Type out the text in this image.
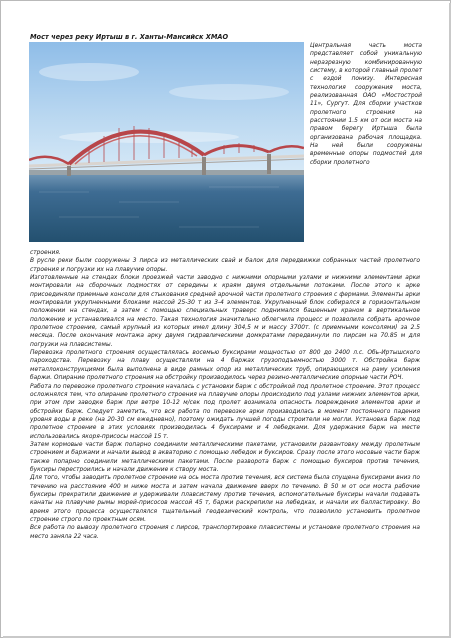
Мост через реку Иртыш в г. Ханты-Мансийск ХМАО
Центральная часть моста представляет собой уникальную неразрезную комбинированную систему, в которой главный пролет с ездой понизу. Интересная технология сооружения моста, реализованная ОАО «Мостострой 11», Сургут. Для сборки участков пролетного строения на расстоянии 1.5 км от оси моста на правом берегу Иртыша была организована рабочая площадка. На ней были сооружены временные опоры подмостей для сборки пролетного

строения.

В русле реки были сооружены 3 пирса из металлических свай и балок для передвижки собранных частей пролетного строения и погрузки их на плавучие опоры.

Изготовленные на стендах блоки проезжей части заводно с нижними опорными узлами и нижними элементами арки монтировали на сборочных подмостях от середины к краям двумя отдельными потоками. После этого к арке присоединяли приемные консоли для стыкования средней арочной части пролетного строения с фермами. Элементы арки монтировали укрупненными блоками массой 25-30 т из 3-4 элементов. Укрупненный блок собирался в горизонтальном положении на стендах, а затем с помощью специальных траверс поднимался башенным краном в вертикальное положение и устанавливался на место. Такая технология значительно облегчила процесс и позволила собрать арочное пролетное строение, самый крупный из которых имел длину 304,5 м и массу 3700т. (с приемными консолями) за 2.5 месяца. После окончания монтажа арку двумя гидравлическими домкратами передвинули по пирсам на 70.85 м для погрузки на плавсистемы.

Перевозка пролетного строения осуществлялась восемью буксирами мощностью от 800 до 2400 л.с. Обь-Иртышского пароходства. Перевозку на плаву осуществляли на 4 баржах грузоподъемностью 3000 т. Обстройка барж металлоконструкциями была выполнена в виде рамных опор из металлических труб, опирающихся на раму усиления баржи. Опирание пролетного строения на обстройку производилось через резино-металлические опорные части РОЧ.

Работа по перевозке пролетного строения началась с установки барж с обстройкой под пролетное строение. Этот процесс осложнялся тем, что опирание пролетного строения на плавучие опоры происходило под узлами нижних элементов арки, при этом при заводке барж при ветре 10-12 м/сек под пролет возникала опасность повреждения элементов арки и обстройки барж. Следует заметить, что вся работа по перевозке арки производилась в момент постоянного падения уровня воды в реке (на 20-30 см ежедневно), поэтому ожидать лучшей погоды строители не могли. Установка барж под пролетное строение в этих условиях производилась 4 буксирами и 4 лебедками. Для удержания барж на месте использовались якоря-присосы массой 15 т.

Затем кормовые части барж попарно соединили металлическими пакетами, установили развантовку между пролетным строением и баржами и начали вывод в акваторию с помощью лебедок и буксиров. Сразу после этого носовые части барж также попарно соединили металлическими пакетами. После разворота барж с помощью буксиров против течения, буксиры перестроились и начали движение к створу моста.

Для того, чтобы заводить пролетное строение на ось моста против течения, вся система была спущена буксирами вниз по течению на расстояние 400 м ниже моста и затем начала движение вверх по течению. В 50 м от оси моста рабочие буксиры прекратили движение и удерживали плавсистему против течения, вспомогательные буксиры начали подавать канаты на плавучие рымы морей-присосов массой 45 т, баржи раскрепили на лебедках, и начали их балластировку. Во время этого процесса осуществлялся тщательный геодезический контроль, что позволило установить пролетное строение строго по проектным осям.

Вся работа по вывозу пролетного строения с пирсов, транспортировке плавсистемы и установке пролетного строения на место заняла 22 часа.
